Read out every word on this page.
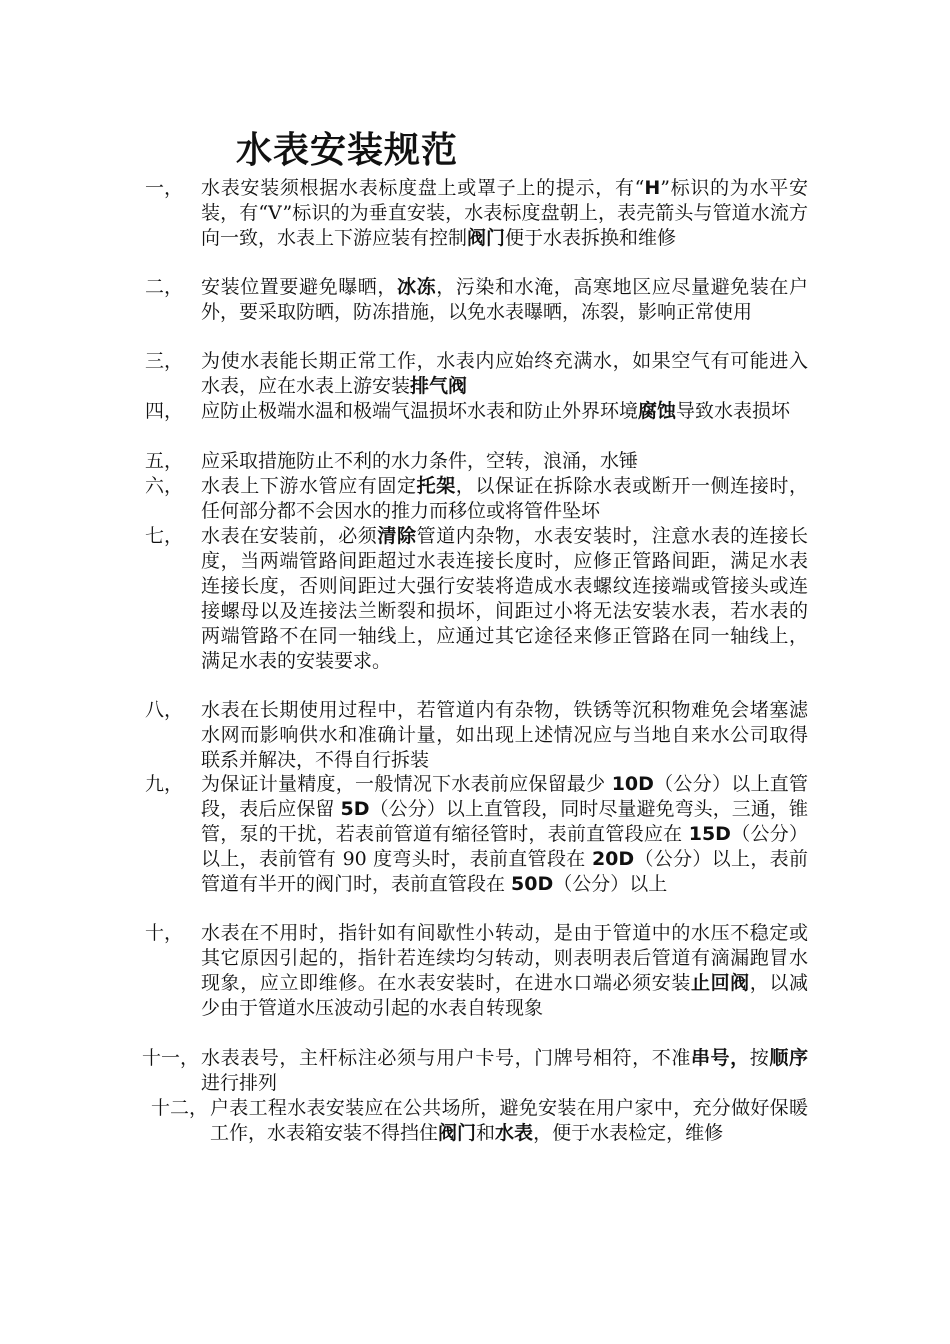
水表安装规范
一， 水表安装须根据水表标度盘上或罩子上的提示，有“H”标识的为水平安装，有“V”标识的为垂直安装，水表标度盘朝上，表壳箭头与管道水流方向一致，水表上下游应装有控制阀门便于水表拆换和维修
二， 安装位置要避免曝晒，冰冻，污染和水淹，高寒地区应尽量避免装在户外，要采取防晒，防冻措施，以免水表曝晒，冻裂，影响正常使用
三， 为使水表能长期正常工作，水表内应始终充满水，如果空气有可能进入水表，应在水表上游安装排气阀
四， 应防止极端水温和极端气温损坏水表和防止外界环境腐蚀导致水表损坏
五， 应采取措施防止不利的水力条件，空转，浪涌，水锤
六， 水表上下游水管应有固定托架，以保证在拆除水表或断开一侧连接时，任何部分都不会因水的推力而移位或将管件坠坏
七， 水表在安装前，必须清除管道内杂物，水表安装时，注意水表的连接长度，当两端管路间距超过水表连接长度时，应修正管路间距，满足水表连接长度，否则间距过大强行安装将造成水表螺纹连接端或管接头或连接螺母以及连接法兰断裂和损坏，间距过小将无法安装水表，若水表的两端管路不在同一轴线上，应通过其它途径来修正管路在同一轴线上，满足水表的安装要求。
八， 水表在长期使用过程中，若管道内有杂物，铁锈等沉积物难免会堵塞滤水网而影响供水和准确计量，如出现上述情况应与当地自来水公司取得联系并解决，不得自行拆装
九， 为保证计量精度，一般情况下水表前应保留最少 10D（公分）以上直管段，表后应保留 5D（公分）以上直管段，同时尽量避免弯头，三通，锥管，泵的干扰，若表前管道有缩径管时，表前直管段应在 15D（公分）以上，表前管有 90 度弯头时，表前直管段在 20D（公分）以上，表前管道有半开的阀门时，表前直管段在 50D（公分）以上
十， 水表在不用时，指针如有间歇性小转动，是由于管道中的水压不稳定或其它原因引起的，指针若连续均匀转动，则表明表后管道有滴漏跑冒水现象，应立即维修。在水表安装时，在进水口端必须安装止回阀，以减少由于管道水压波动引起的水表自转现象
十一， 水表表号，主杆标注必须与用户卡号，门牌号相符，不准串号，按顺序进行排列
十二， 户表工程水表安装应在公共场所，避免安装在用户家中，充分做好保暖工作，水表箱安装不得挡住阀门和水表，便于水表检定，维修
